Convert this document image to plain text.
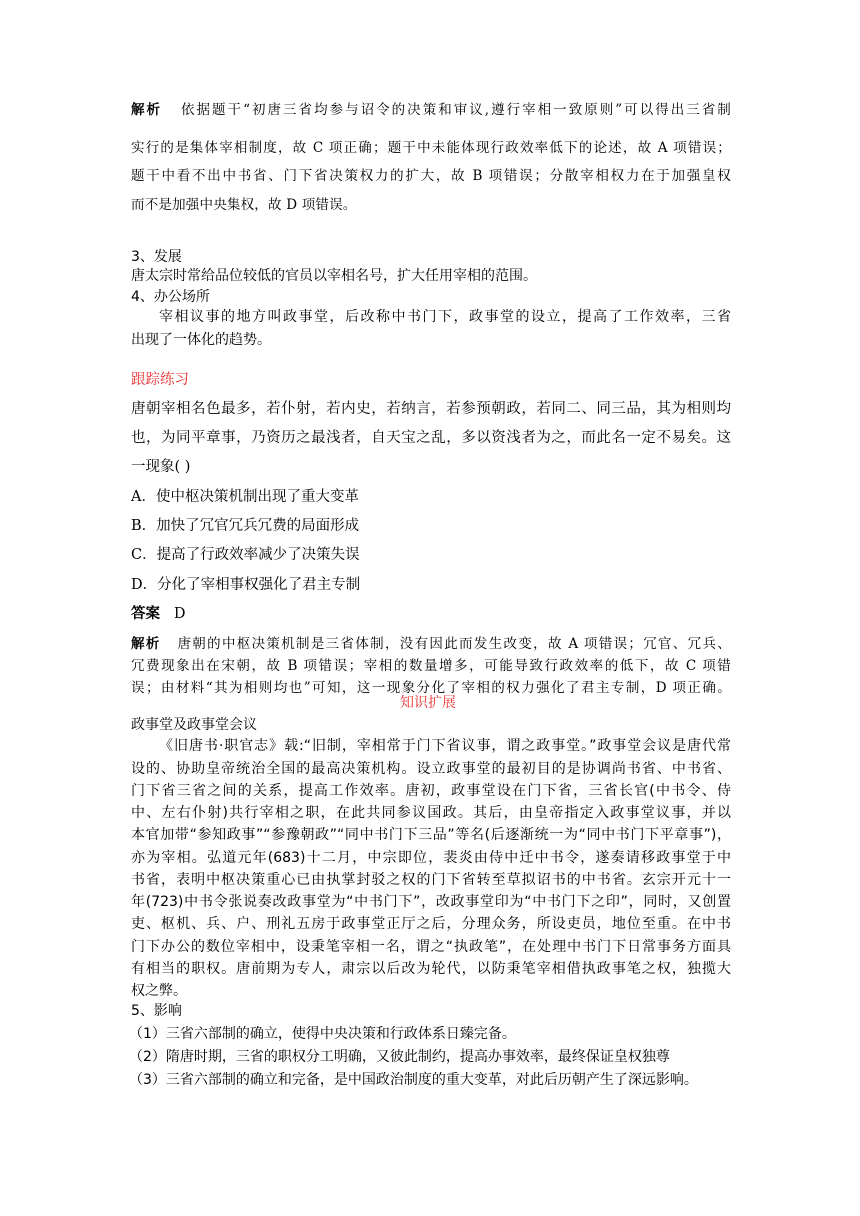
解析 依据题干“初唐三省均参与诏令的决策和审议,遵行宰相一致原则”可以得出三省制
实行的是集体宰相制度，故 C 项正确；题干中未能体现行政效率低下的论述，故 A 项错误；
题干中看不出中书省、门下省决策权力的扩大，故 B 项错误；分散宰相权力在于加强皇权
而不是加强中央集权，故 D 项错误。
3、发展
唐太宗时常给品位较低的官员以宰相名号，扩大任用宰相的范围。
4、办公场所
宰相议事的地方叫政事堂，后改称中书门下，政事堂的设立，提高了工作效率，三省
出现了一体化的趋势。
跟踪练习
唐朝宰相名色最多，若仆射，若内史，若纳言，若参预朝政，若同二、同三品，其为相则均
也，为同平章事，乃资历之最浅者，自天宝之乱，多以资浅者为之，而此名一定不易矣。这
一现象( )
A．使中枢决策机制出现了重大变革
B．加快了冗官冗兵冗费的局面形成
C．提高了行政效率减少了决策失误
D．分化了宰相事权强化了君主专制
答案 D
解析 唐朝的中枢决策机制是三省体制，没有因此而发生改变，故 A 项错误；冗官、冗兵、
冗费现象出在宋朝，故 B 项错误；宰相的数量增多，可能导致行政效率的低下，故 C 项错
误；由材料“其为相则均也”可知，这一现象分化了宰相的权力强化了君主专制，D 项正确。
知识扩展
政事堂及政事堂会议
《旧唐书·职官志》载:“旧制，宰相常于门下省议事，谓之政事堂。”政事堂会议是唐代常
设的、协助皇帝统治全国的最高决策机构。设立政事堂的最初目的是协调尚书省、中书省、
门下省三省之间的关系，提高工作效率。唐初，政事堂设在门下省，三省长官(中书令、侍
中、左右仆射)共行宰相之职，在此共同参议国政。其后，由皇帝指定入政事堂议事，并以
本官加带“参知政事”“参豫朝政”“同中书门下三品”等名(后逐渐统一为“同中书门下平章事”)，
亦为宰相。弘道元年(683)十二月，中宗即位，裴炎由侍中迁中书令，遂奏请移政事堂于中
书省，表明中枢决策重心已由执掌封驳之权的门下省转至草拟诏书的中书省。玄宗开元十一
年(723)中书令张说奏改政事堂为“中书门下”，改政事堂印为“中书门下之印”，同时，又创置
吏、枢机、兵、户、刑礼五房于政事堂正厅之后，分理众务，所设吏员，地位至重。在中书
门下办公的数位宰相中，设秉笔宰相一名，谓之“执政笔”，在处理中书门下日常事务方面具
有相当的职权。唐前期为专人，肃宗以后改为轮代，以防秉笔宰相借执政事笔之权，独揽大
权之弊。
5、影响
（1）三省六部制的确立，使得中央决策和行政体系日臻完备。
（2）隋唐时期，三省的职权分工明确，又彼此制约，提高办事效率，最终保证皇权独尊
（3）三省六部制的确立和完备，是中国政治制度的重大变革，对此后历朝产生了深远影响。
